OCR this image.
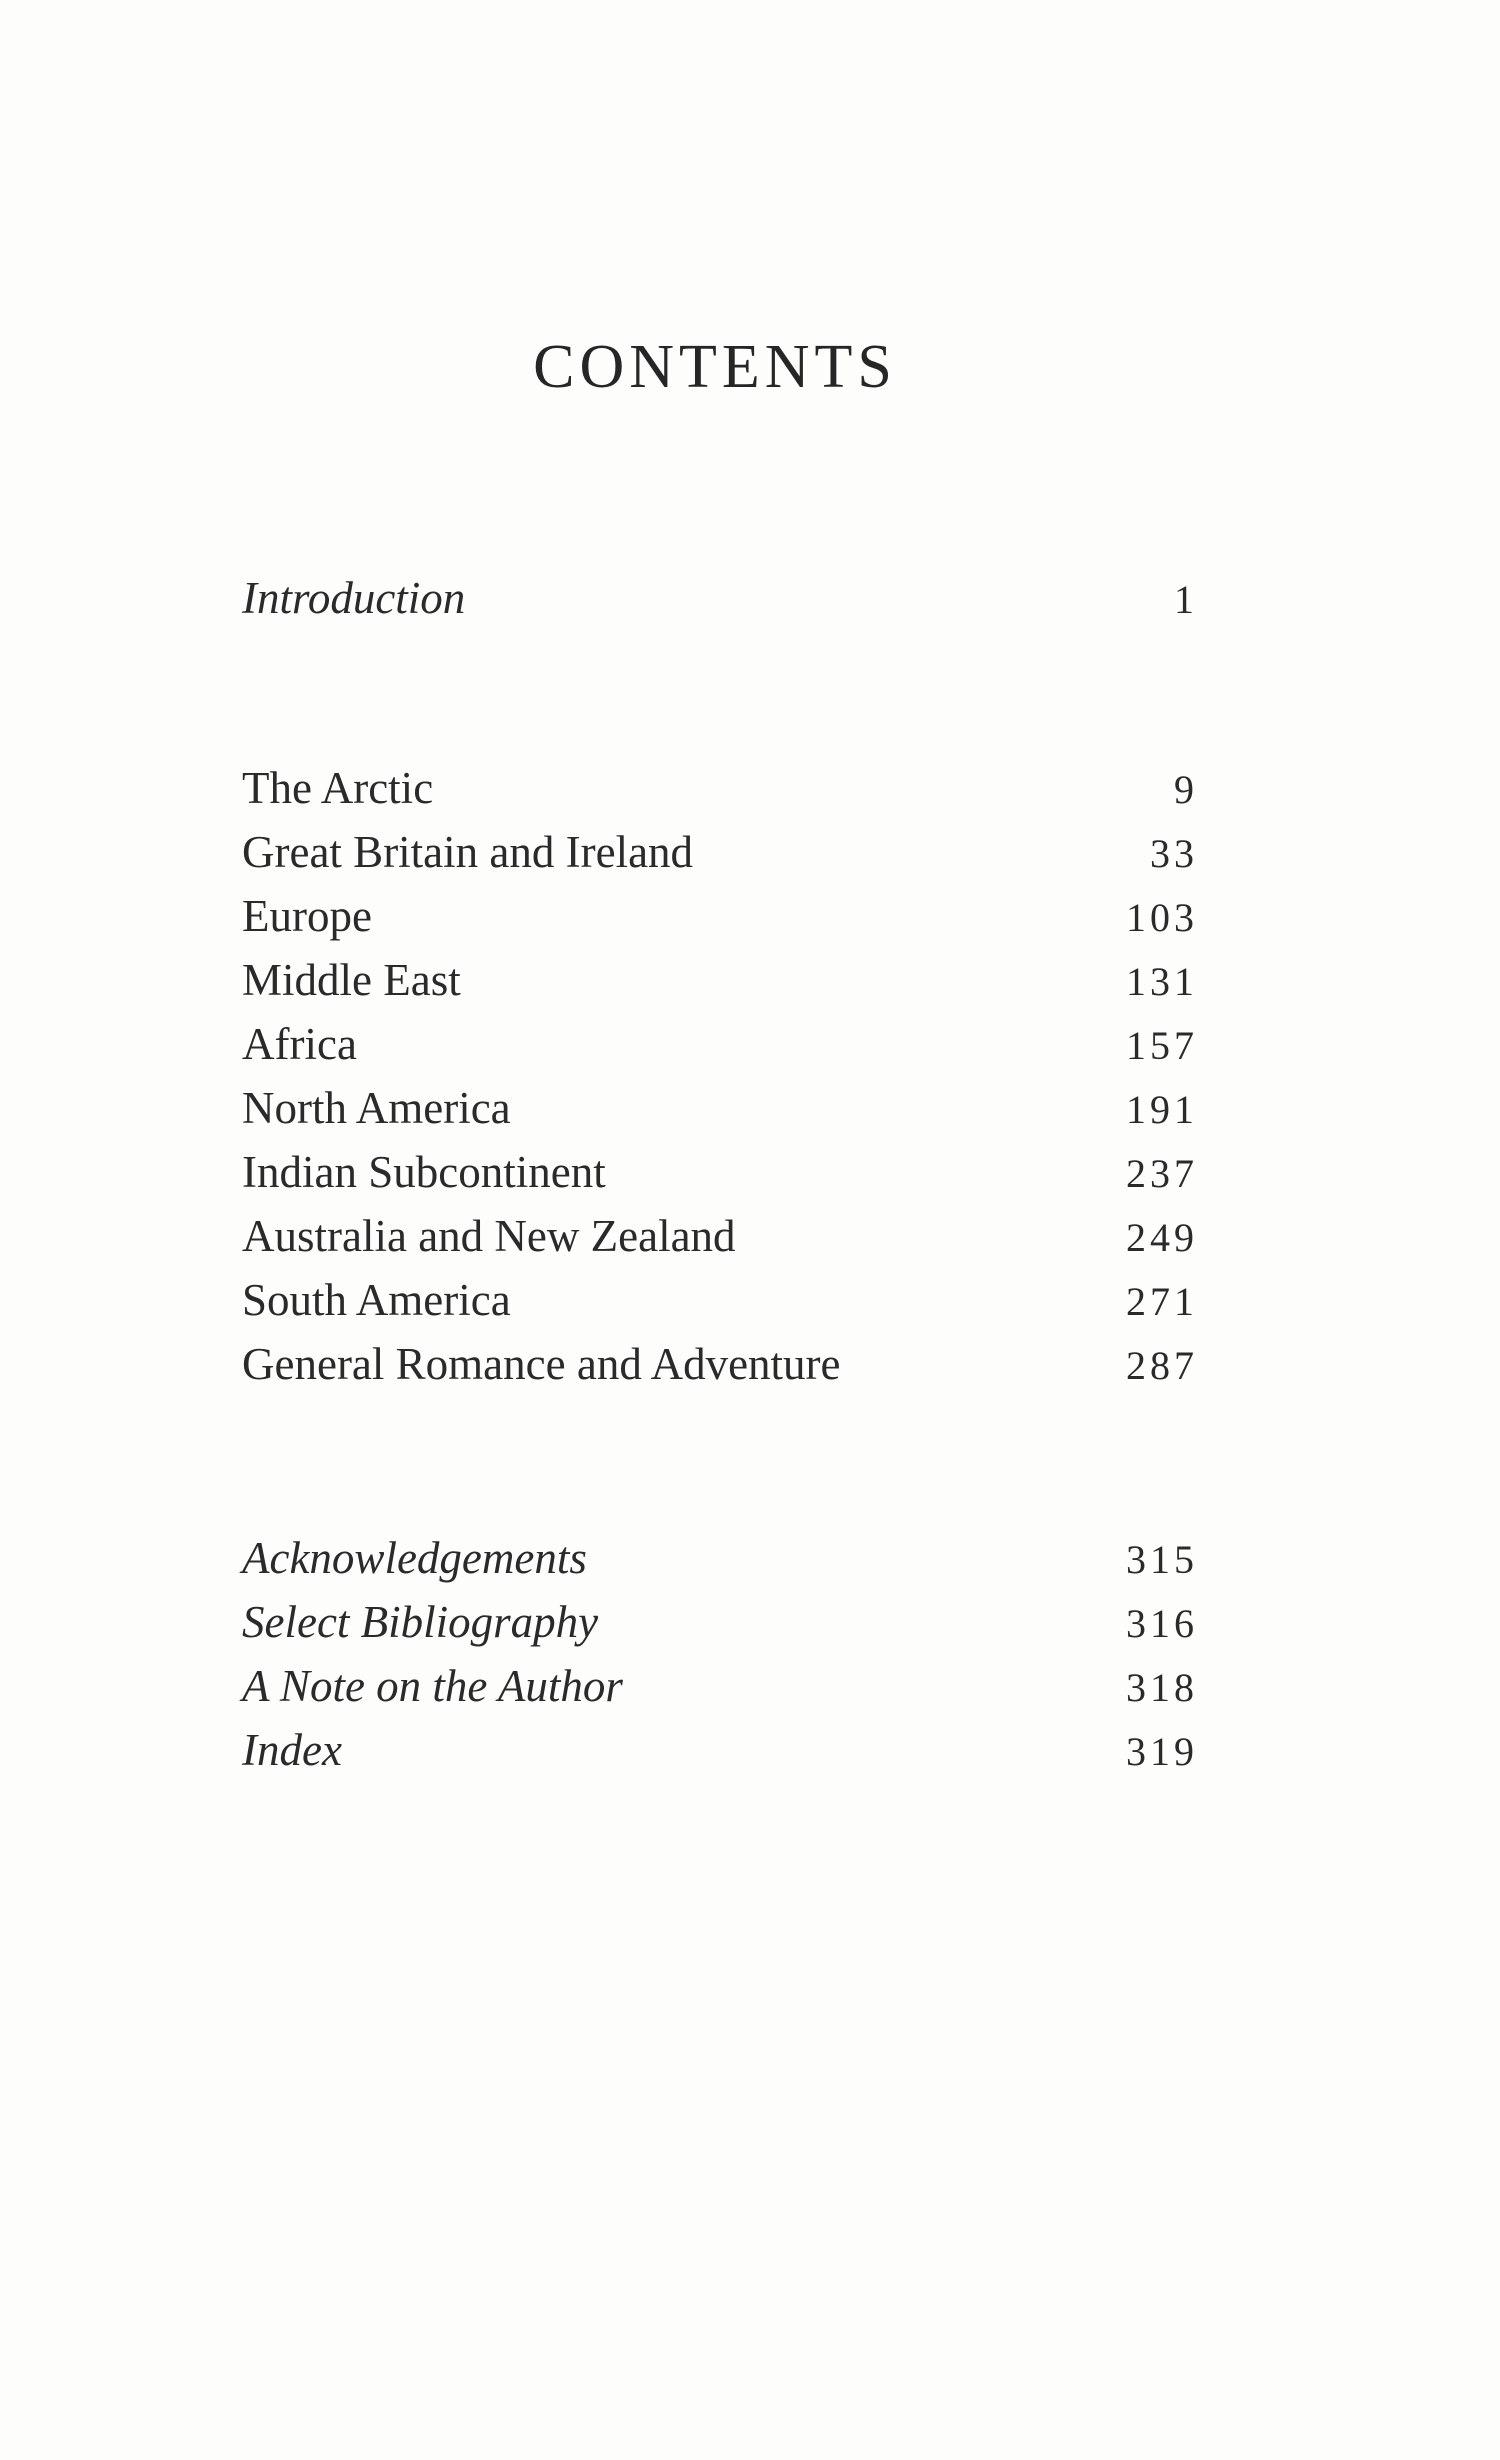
CONTENTS
Introduction	1
The Arctic	9
Great Britain and Ireland	33
Europe	103
Middle East	131
Africa	157
North America	191
Indian Subcontinent	237
Australia and New Zealand	249
South America	271
General Romance and Adventure	287
Acknowledgements	315
Select Bibliography	316
A Note on the Author	318
Index	319
